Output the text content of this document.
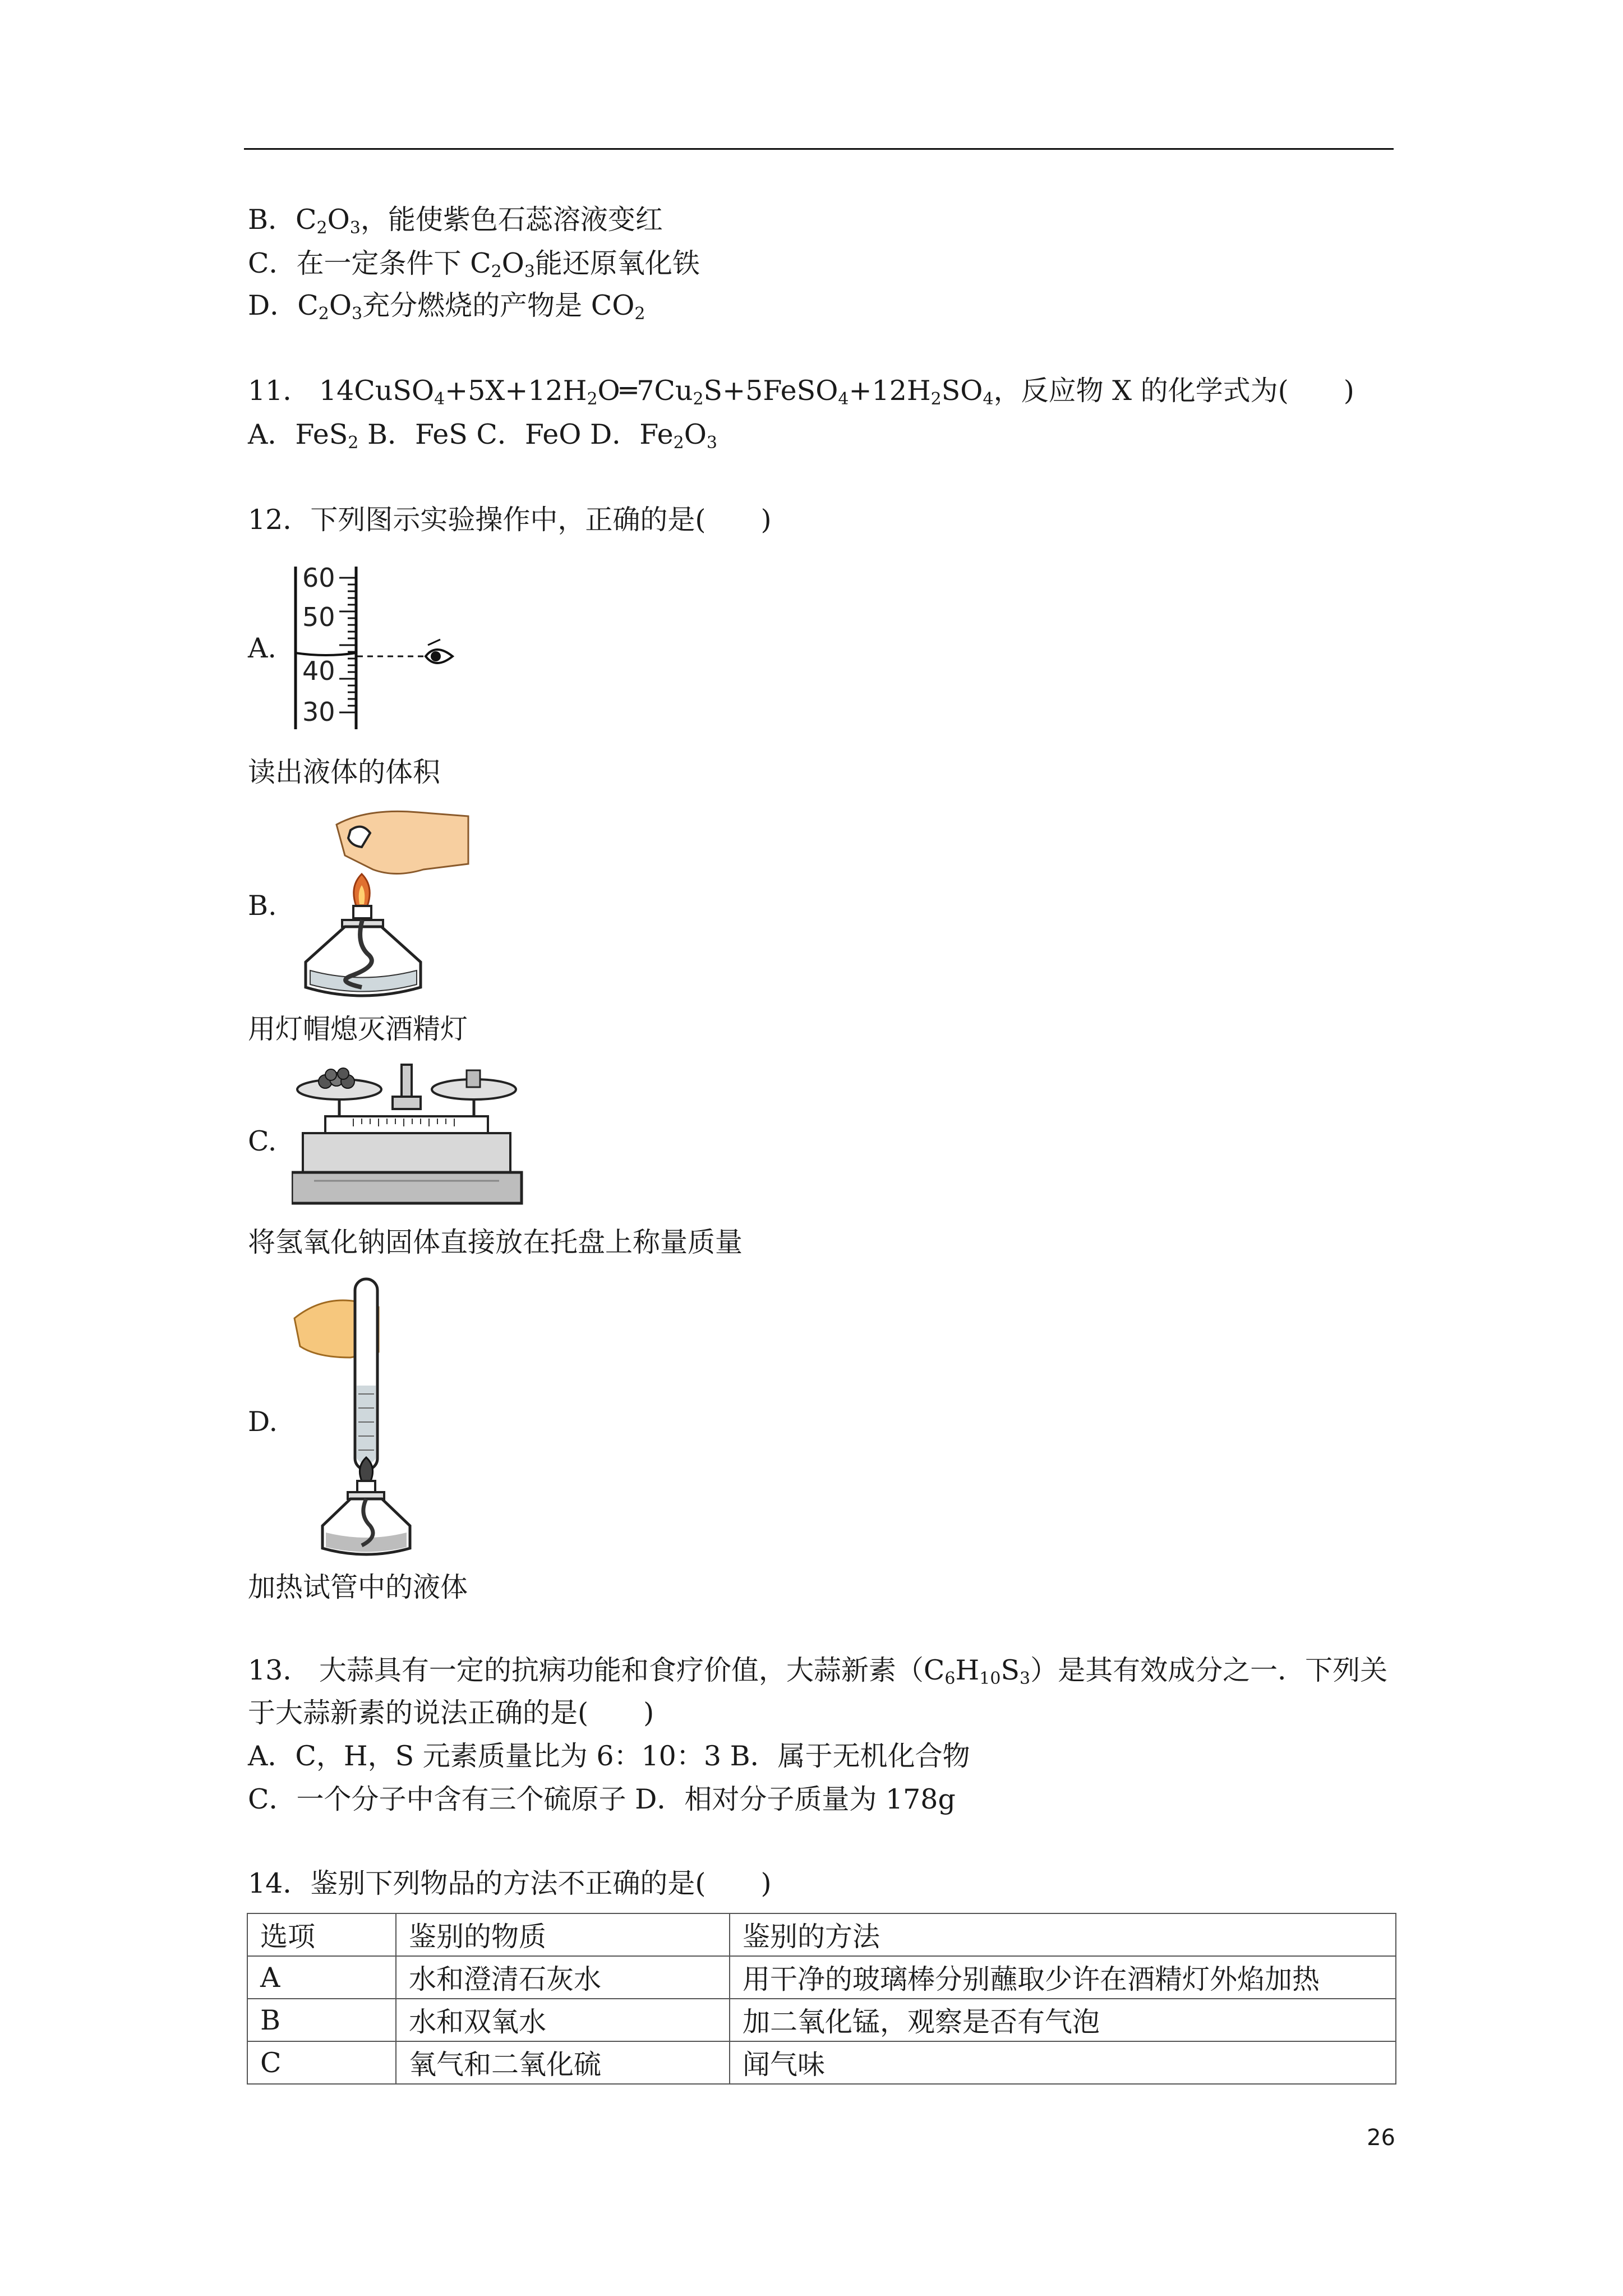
B．$C_2O_3$，能使紫色石蕊溶液变红
C．在一定条件下 $C_2O_3$能还原氧化铁
D．$C_2O_3$充分燃烧的产物是 $CO_2$
11． $14CuSO_4+5X+12H_2O═7Cu_2S+5FeSO_4+12H_2SO_4$，反应物 X 的化学式为(　　)
A．FeS$_2$ B．FeS C．FeO D．$Fe_2O_3$
12．下列图示实验操作中，正确的是(　　)
A.
60
50
40
30
读出液体的体积
B.
用灯帽熄灭酒精灯
C.
将氢氧化钠固体直接放在托盘上称量质量
D.
加热试管中的液体
13． 大蒜具有一定的抗病功能和食疗价值，大蒜新素$(C_6H_{10}S_3)$是其有效成分之一．下列关
于大蒜新素的说法正确的是(　　)
A．C，H，S 元素质量比为 6：10：3 B．属于无机化合物
C．一个分子中含有三个硫原子 D．相对分子质量为 178g
14．鉴别下列物品的方法不正确的是(　　)
选项	鉴别的物质	鉴别的方法
A	水和澄清石灰水	用干净的玻璃棒分别蘸取少许在酒精灯外焰加热
B	水和双氧水	加二氧化锰，观察是否有气泡
C	氧气和二氧化硫	闻气味
26
